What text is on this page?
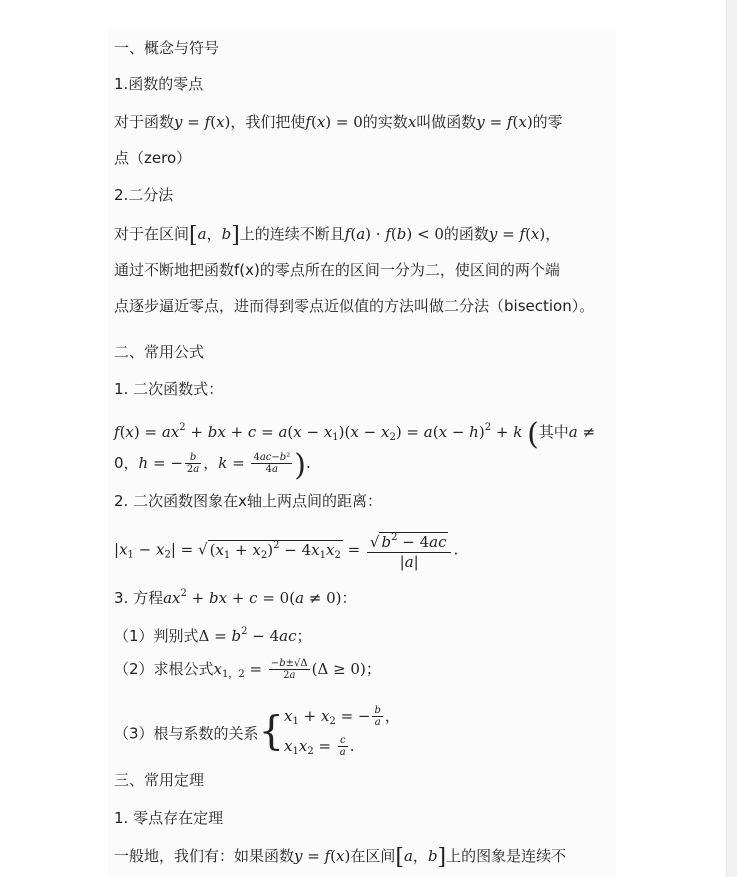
一、概念与符号
1.函数的零点
对于函数y = f(x)，我们把使f(x) = 0的实数x叫做函数y = f(x)的零
点（zero）
2.二分法
对于在区间[a，b]上的连续不断且f(a) · f(b) < 0的函数y = f(x)，
通过不断地把函数f(x)的零点所在的区间一分为二，使区间的两个端
点逐步逼近零点，进而得到零点近似值的方法叫做二分法（bisection）。
二、常用公式
1. 二次函数式：
$f(x) = ax^2$ + bx + $c = a(x - x_1)(x - x_2) = a(x - h)^2 + k$ (其中a ≠
0，h = − $\frac{b}{2a}$ ，$k = \frac{\text{4ac−b²}}{4a}$ ).
2. 二次函数图象在x轴上两点间的距离：
$|x_1 - x_2|$ = √ $(x_1 + x_2)^2 - 4x_1x_2 = \frac{√ b^2 - 4ac}{|a|}$ .
3. 方程$ax^2$ + bx + c = 0(a ≠ 0)：
（1）判别式$\Delta = b^2 - 4ac$；
（2）求根公式$x_{1,2} = \frac{-b\pm√\Delta}{2a} (\Delta \ge 0)$；
（3）根与系数的关系{ $x_1 + x_2$ = − $\frac{b}{a}$ ，
$x_1x_2 = \frac{c}{a}$ .
三、常用定理
1. 零点存在定理
一般地，我们有：如果函数y = f(x)在区间[a，b]上的图象是连续不
